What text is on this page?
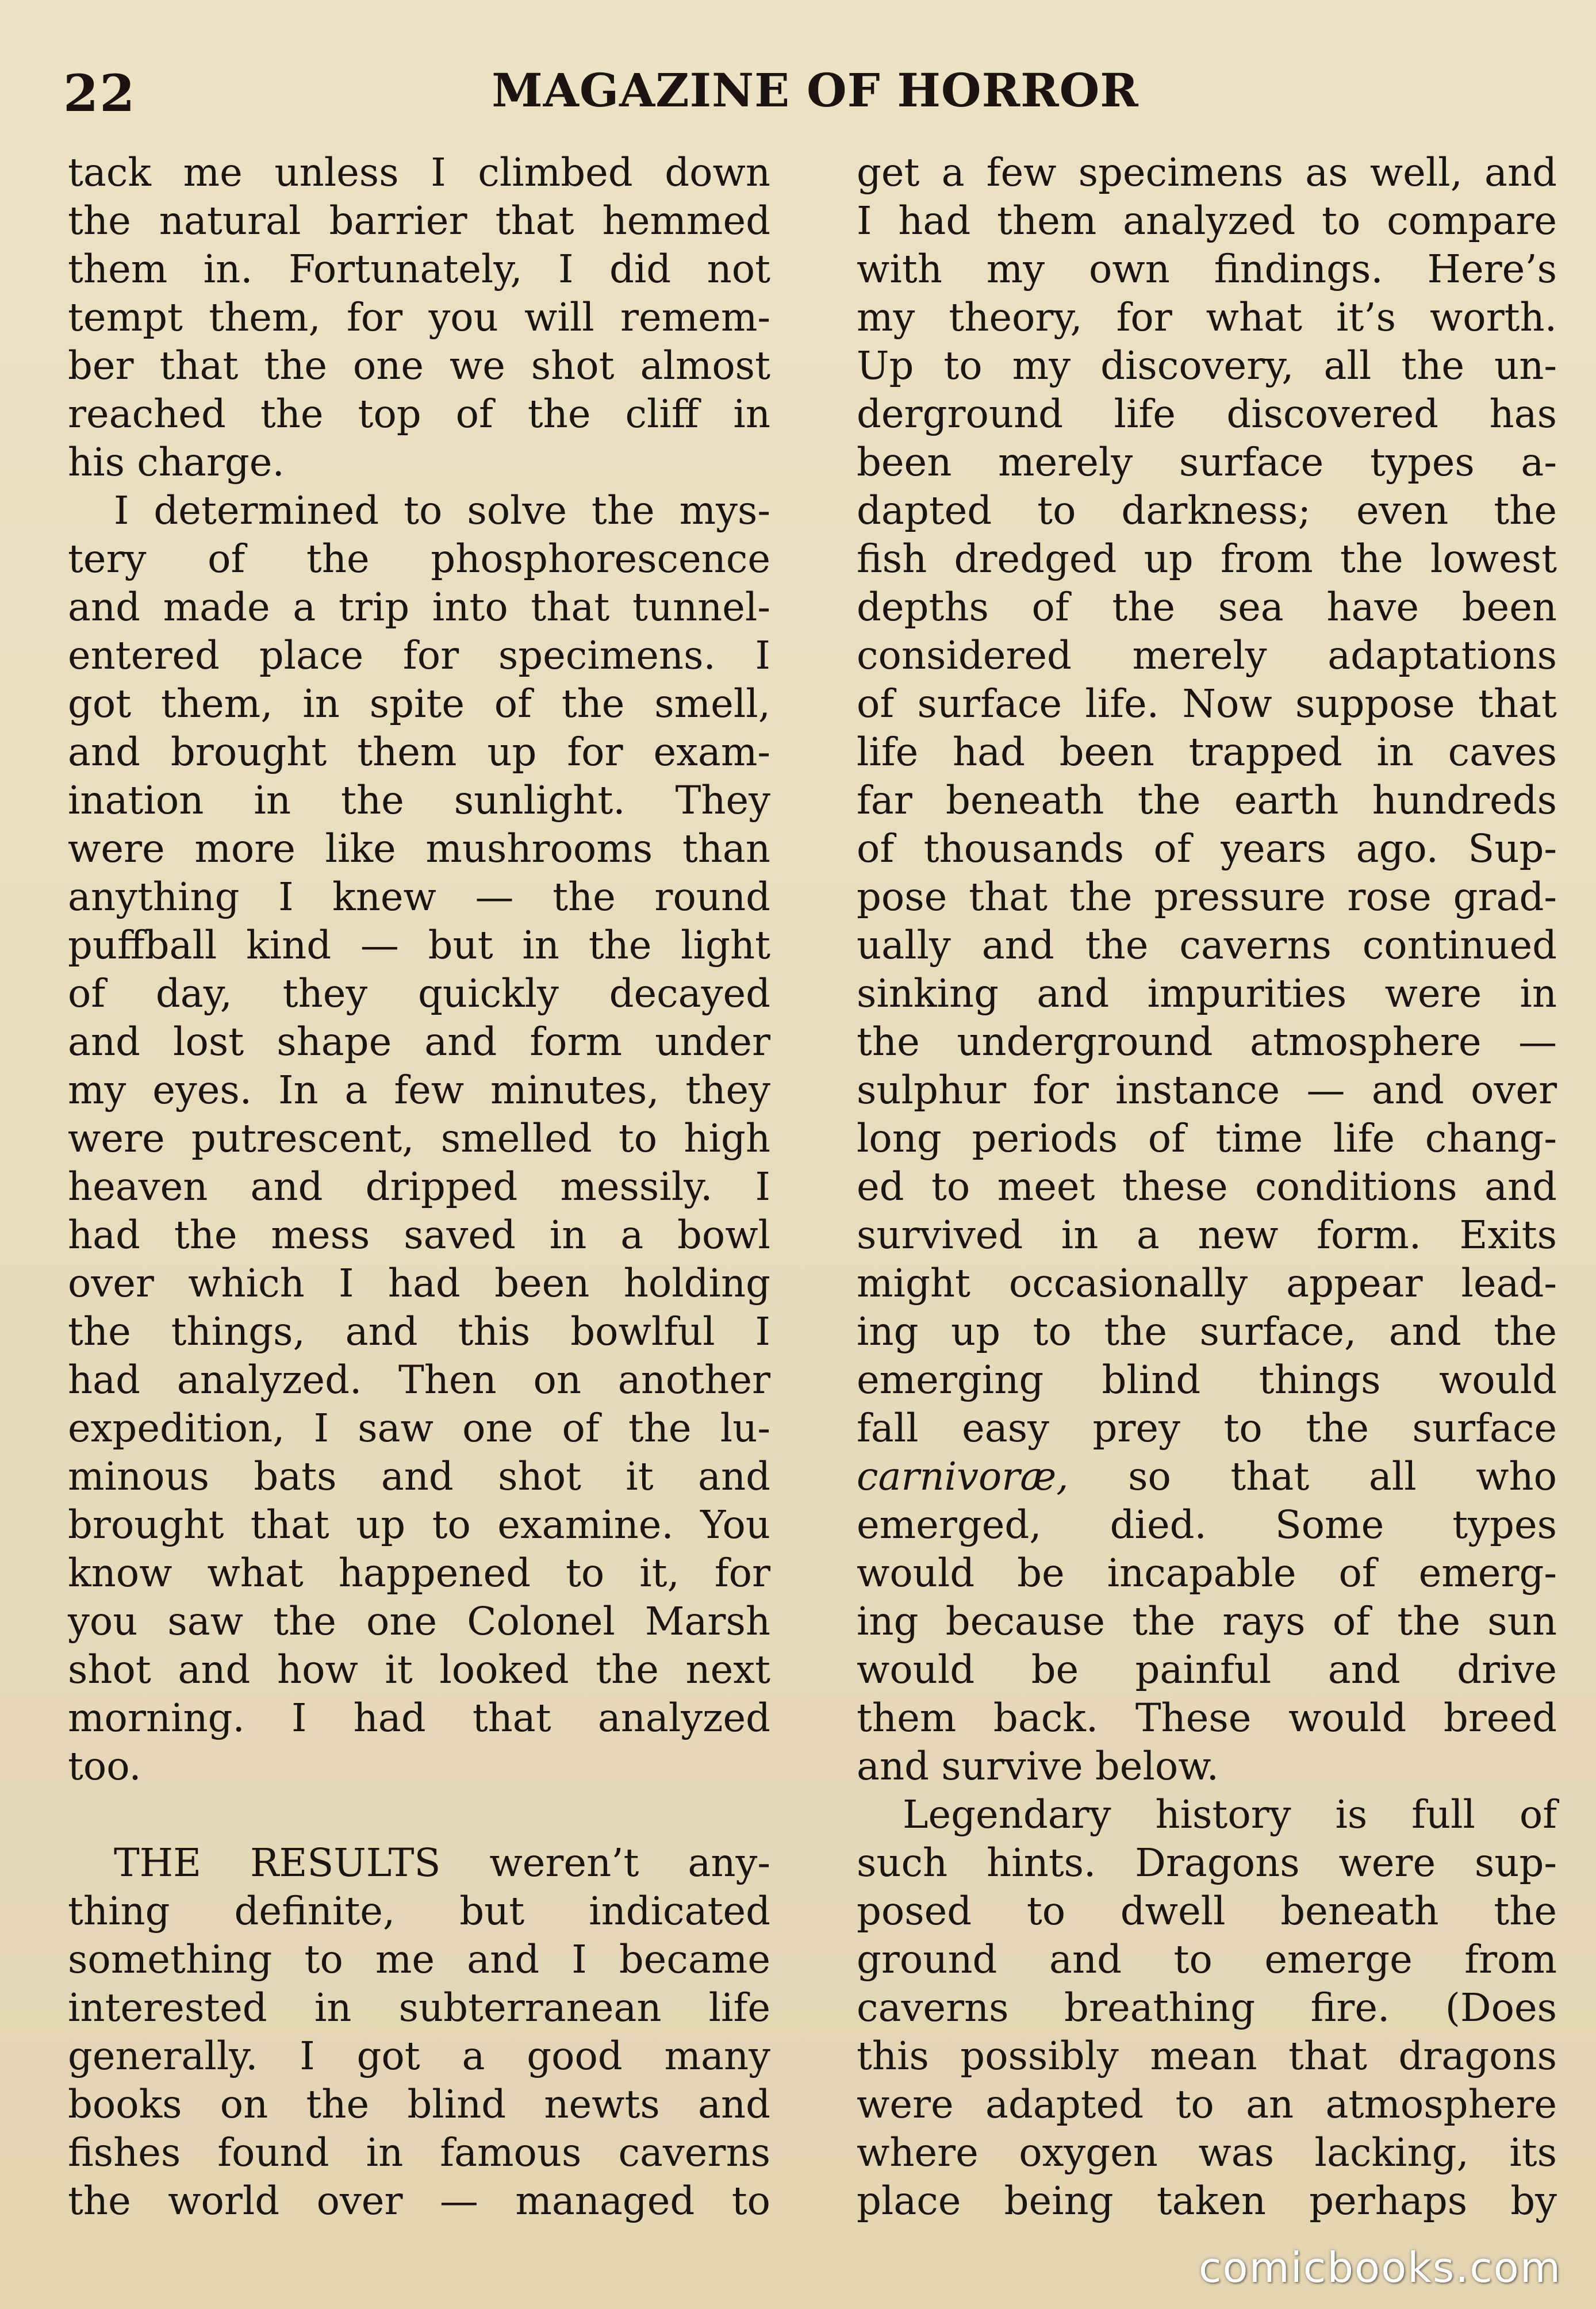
22	MAGAZINE OF HORROR
tack me unless I climbed down
the natural barrier that hemmed
them in. Fortunately, I did not
tempt them, for you will remem-
ber that the one we shot almost
reached the top of the cliff in
his charge.
I determined to solve the mys-
tery of the phosphorescence
and made a trip into that tunnel-
entered place for specimens. I
got them, in spite of the smell,
and brought them up for exam-
ination in the sunlight. They
were more like mushrooms than
anything I knew — the round
puffball kind — but in the light
of day, they quickly decayed
and lost shape and form under
my eyes. In a few minutes, they
were putrescent, smelled to high
heaven and dripped messily. I
had the mess saved in a bowl
over which I had been holding
the things, and this bowlful I
had analyzed. Then on another
expedition, I saw one of the lu-
minous bats and shot it and
brought that up to examine. You
know what happened to it, for
you saw the one Colonel Marsh
shot and how it looked the next
morning. I had that analyzed
too.
THE RESULTS weren’t any-
thing definite, but indicated
something to me and I became
interested in subterranean life
generally. I got a good many
books on the blind newts and
fishes found in famous caverns
the world over — managed to
get a few specimens as well, and
I had them analyzed to compare
with my own findings. Here’s
my theory, for what it’s worth.
Up to my discovery, all the un-
derground life discovered has
been merely surface types a-
dapted to darkness; even the
fish dredged up from the lowest
depths of the sea have been
considered merely adaptations
of surface life. Now suppose that
life had been trapped in caves
far beneath the earth hundreds
of thousands of years ago. Sup-
pose that the pressure rose grad-
ually and the caverns continued
sinking and impurities were in
the underground atmosphere —
sulphur for instance — and over
long periods of time life chang-
ed to meet these conditions and
survived in a new form. Exits
might occasionally appear lead-
ing up to the surface, and the
emerging blind things would
fall easy prey to the surface
carnivoræ, so that all who
emerged, died. Some types
would be incapable of emerg-
ing because the rays of the sun
would be painful and drive
them back. These would breed
and survive below.
Legendary history is full of
such hints. Dragons were sup-
posed to dwell beneath the
ground and to emerge from
caverns breathing fire. (Does
this possibly mean that dragons
were adapted to an atmosphere
where oxygen was lacking, its
place being taken perhaps by
comicbooks.com
